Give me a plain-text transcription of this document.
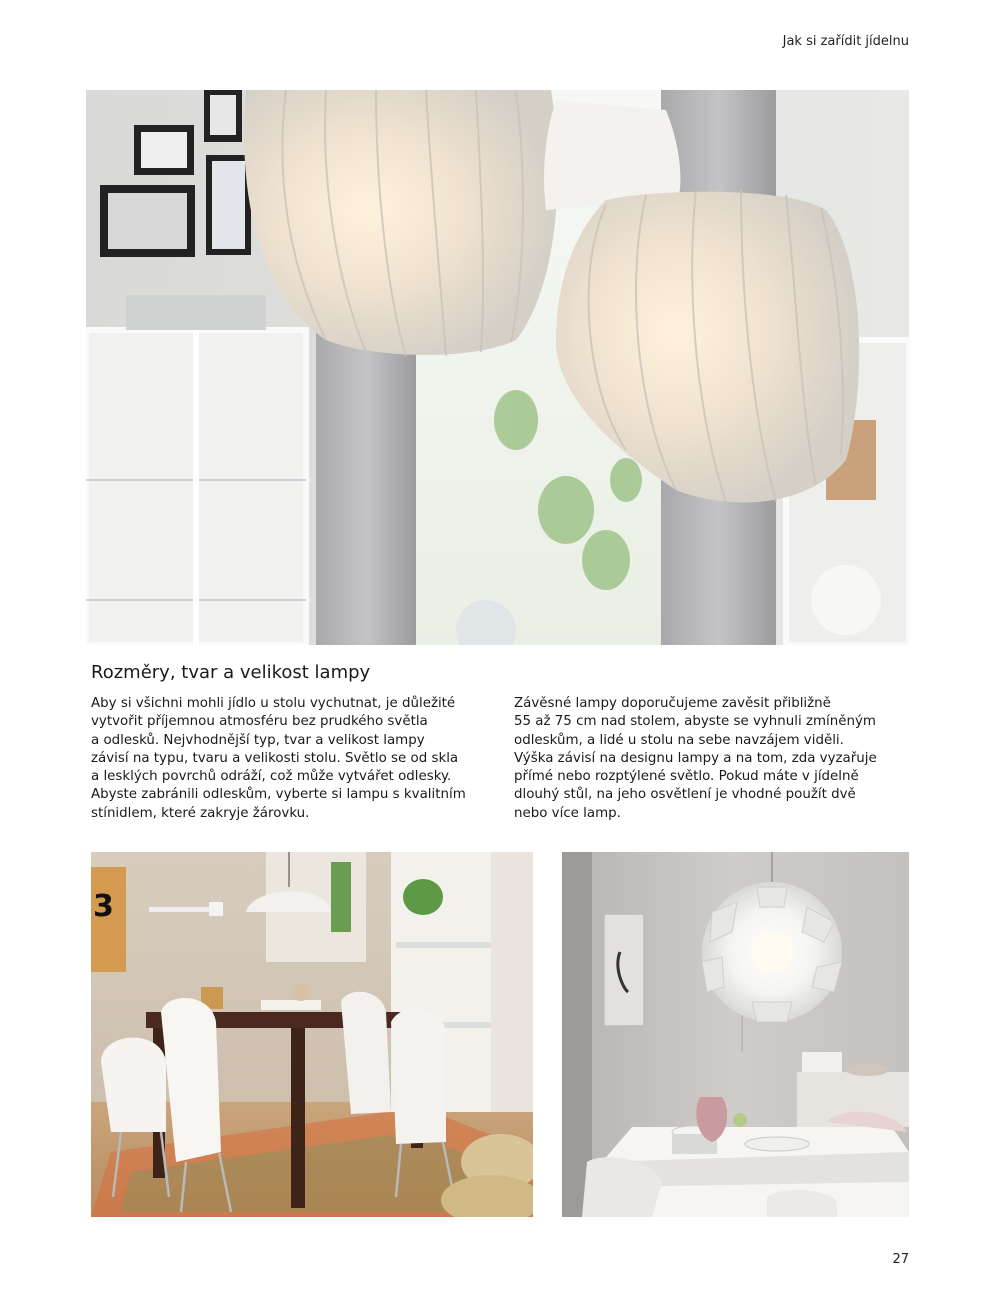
Jak si zařídit jídelnu
Rozměry, tvar a velikost lampy
Aby si všichni mohli jídlo u stolu vychutnat, je důležité
vytvořit příjemnou atmosféru bez prudkého světla
a odlesků. Nejvhodnější typ, tvar a velikost lampy
závisí na typu, tvaru a velikosti stolu. Světlo se od skla
a lesklých povrchů odráží, což může vytvářet odlesky.
Abyste zabránili odleskům, vyberte si lampu s kvalitním
stínidlem, které zakryje žárovku.
Závěsné lampy doporučujeme zavěsit přibližně
55 až 75 cm nad stolem, abyste se vyhnuli zmíněným
odleskům, a lidé u stolu na sebe navzájem viděli.
Výška závisí na designu lampy a na tom, zda vyzařuje
přímé nebo rozptýlené světlo. Pokud máte v jídelně
dlouhý stůl, na jeho osvětlení je vhodné použít dvě
nebo více lamp.
3
27
